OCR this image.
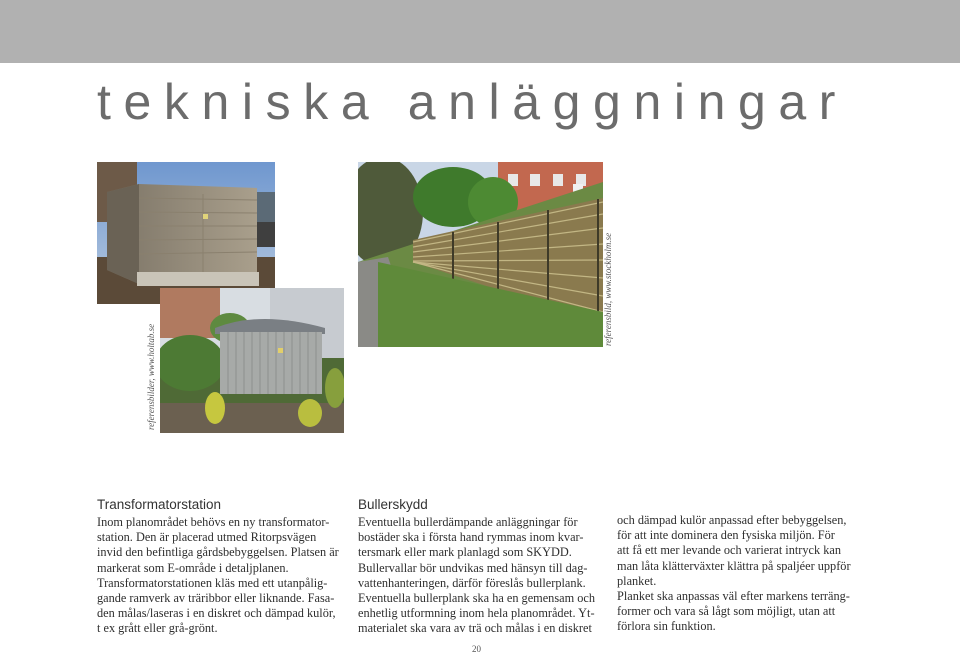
tekniska anläggningar
referensbilder, www.holtab.se
referensbild, www.stockholm.se
Transformatorstation

Inom planområdet behövs en ny transformator-

station. Den är placerad utmed Ritorpsvägen

invid den befintliga gårdsbebyggelsen. Platsen är

markerat som E-område i detaljplanen.

Transformatorstationen kläs med ett utanpålig-

gande ramverk av träribbor eller liknande. Fasa-

den målas/laseras i en diskret och dämpad kulör,

t ex grått eller grå-grönt.

Bullerskydd

Eventuella bullerdämpande anläggningar för

bostäder ska i första hand rymmas inom kvar-

tersmark eller mark planlagd som SKYDD.

Bullervallar bör undvikas med hänsyn till dag-

vattenhanteringen, därför föreslås bullerplank.

Eventuella bullerplank ska ha en gemensam och

enhetlig utformning inom hela planområdet. Yt-

materialet ska vara av trä och målas i en diskret

och dämpad kulör anpassad efter bebyggelsen,

för att inte dominera den fysiska miljön. För

att få ett mer levande och varierat intryck kan

man låta klätterväxter klättra på spaljéer uppför

planket.

Planket ska anpassas väl efter markens terräng-

former och vara så lågt som möjligt, utan att

förlora sin funktion.

20
